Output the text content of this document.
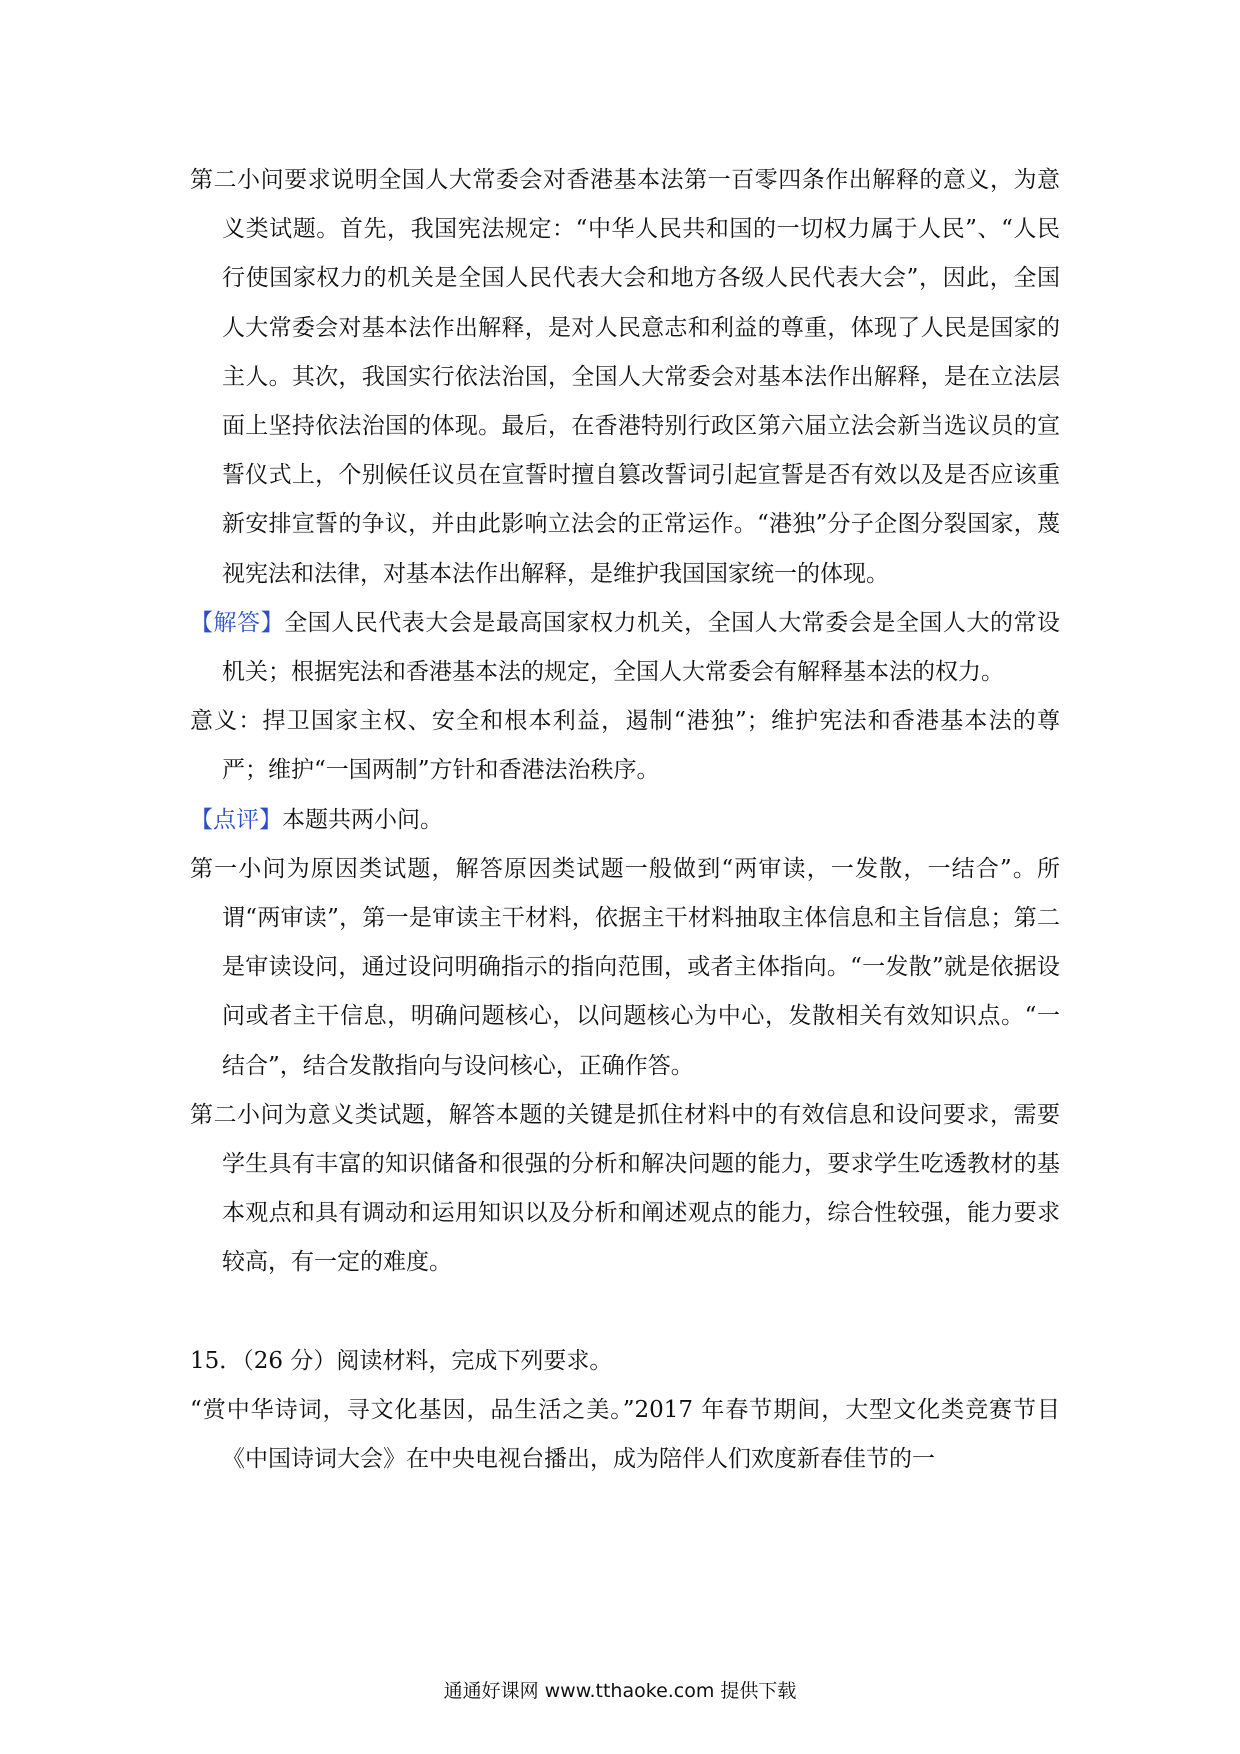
第二小问要求说明全国人大常委会对香港基本法第一百零四条作出解释的意义，为意义类试题。首先，我国宪法规定：“中华人民共和国的一切权力属于人民”、“人民行使国家权力的机关是全国人民代表大会和地方各级人民代表大会”，因此，全国人大常委会对基本法作出解释，是对人民意志和利益的尊重，体现了人民是国家的主人。其次，我国实行依法治国，全国人大常委会对基本法作出解释，是在立法层面上坚持依法治国的体现。最后，在香港特别行政区第六届立法会新当选议员的宣誓仪式上，个别候任议员在宣誓时擅自篡改誓词引起宣誓是否有效以及是否应该重新安排宣誓的争议，并由此影响立法会的正常运作。“港独”分子企图分裂国家，蔑视宪法和法律，对基本法作出解释，是维护我国国家统一的体现。

【解答】全国人民代表大会是最高国家权力机关，全国人大常委会是全国人大的常设机关；根据宪法和香港基本法的规定，全国人大常委会有解释基本法的权力。

意义：捍卫国家主权、安全和根本利益，遏制“港独”；维护宪法和香港基本法的尊严；维护“一国两制”方针和香港法治秩序。

【点评】本题共两小问。

第一小问为原因类试题，解答原因类试题一般做到“两审读，一发散，一结合”。所谓“两审读”，第一是审读主干材料，依据主干材料抽取主体信息和主旨信息；第二是审读设问，通过设问明确指示的指向范围，或者主体指向。“一发散”就是依据设问或者主干信息，明确问题核心，以问题核心为中心，发散相关有效知识点。“一结合”，结合发散指向与设问核心，正确作答。

第二小问为意义类试题，解答本题的关键是抓住材料中的有效信息和设问要求，需要学生具有丰富的知识储备和很强的分析和解决问题的能力，要求学生吃透教材的基本观点和具有调动和运用知识以及分析和阐述观点的能力，综合性较强，能力要求较高，有一定的难度。

15．（26 分）阅读材料，完成下列要求。

“赏中华诗词，寻文化基因，品生活之美。”2017 年春节期间，大型文化类竞赛节目《中国诗词大会》在中央电视台播出，成为陪伴人们欢度新春佳节的一

通通好课网 www.tthaoke.com 提供下载
